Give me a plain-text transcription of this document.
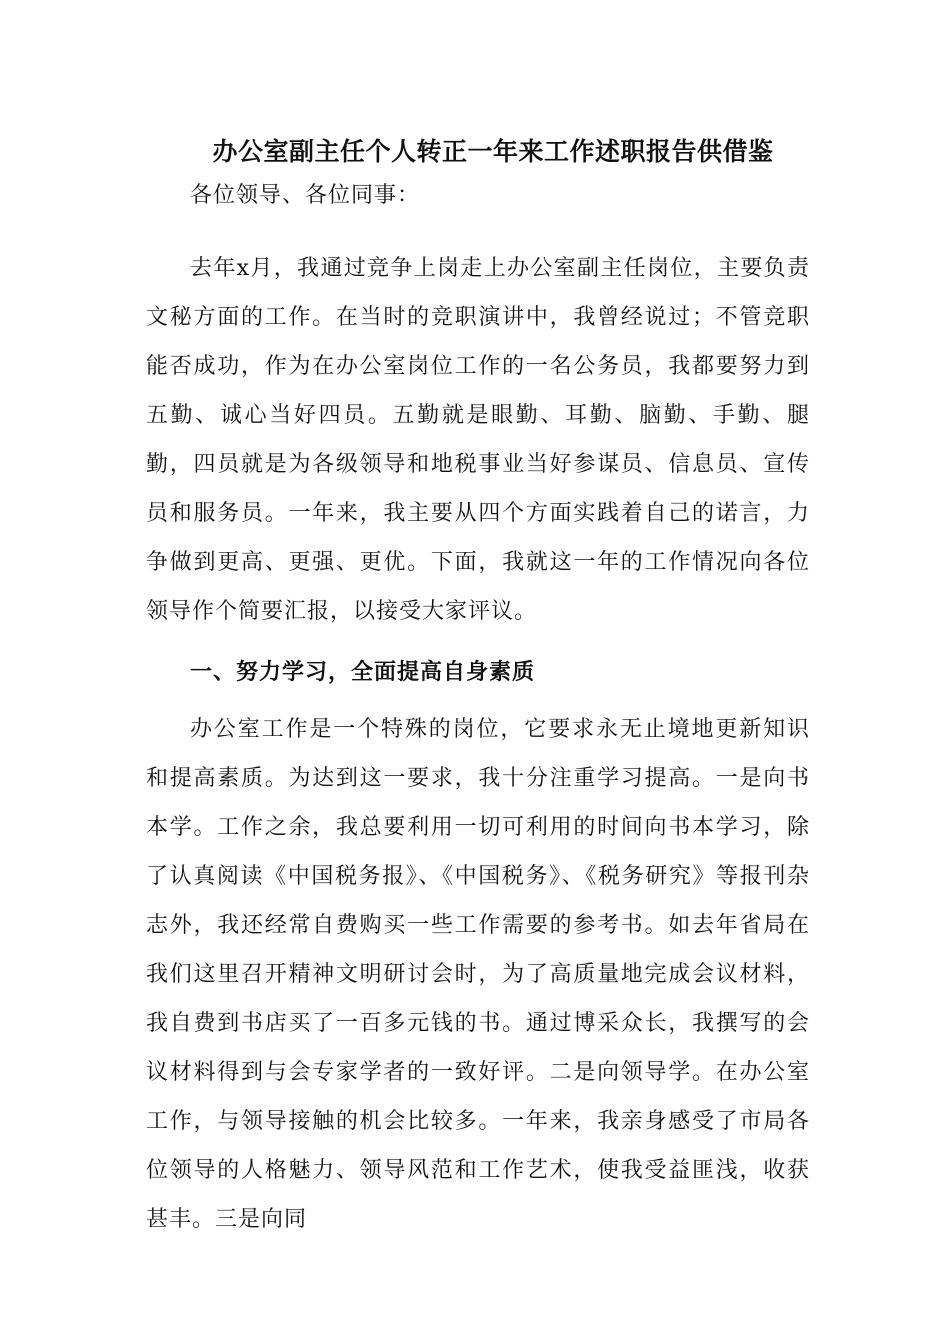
办公室副主任个人转正一年来工作述职报告供借鉴

各位领导、各位同事：

去年x月，我通过竞争上岗走上办公室副主任岗位，主要负责文秘方面的工作。在当时的竞职演讲中，我曾经说过；不管竞职能否成功，作为在办公室岗位工作的一名公务员，我都要努力到五勤、诚心当好四员。五勤就是眼勤、耳勤、脑勤、手勤、腿勤，四员就是为各级领导和地税事业当好参谋员、信息员、宣传员和服务员。一年来，我主要从四个方面实践着自己的诺言，力争做到更高、更强、更优。下面，我就这一年的工作情况向各位领导作个简要汇报，以接受大家评议。

一、努力学习，全面提高自身素质

办公室工作是一个特殊的岗位，它要求永无止境地更新知识和提高素质。为达到这一要求，我十分注重学习提高。一是向书本学。工作之余，我总要利用一切可利用的时间向书本学习，除了认真阅读《中国税务报》、《中国税务》、《税务研究》等报刊杂志外，我还经常自费购买一些工作需要的参考书。如去年省局在我们这里召开精神文明研讨会时，为了高质量地完成会议材料，我自费到书店买了一百多元钱的书。通过博采众长，我撰写的会议材料得到与会专家学者的一致好评。二是向领导学。在办公室工作，与领导接触的机会比较多。一年来，我亲身感受了市局各位领导的人格魅力、领导风范和工作艺术，使我受益匪浅，收获甚丰。三是向同
